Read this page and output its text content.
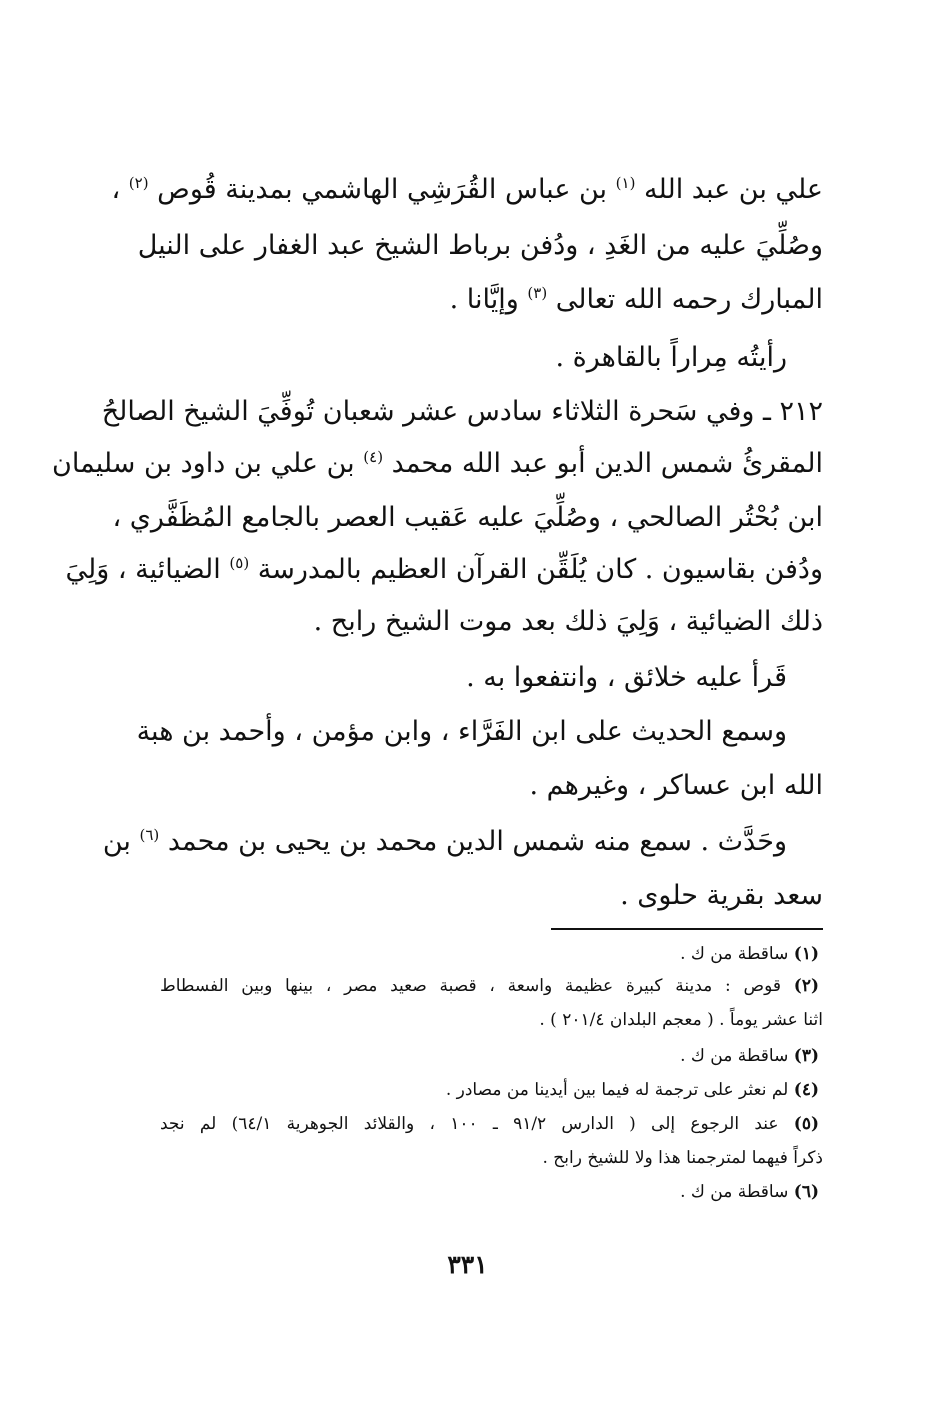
علي بن عبد الله $^{(١)}$ بن عباس القُرَشِي الهاشمي بمدينة قُوص $^{(٢)}$ ،
وصُلِّيَ عليه من الغَدِ ، ودُفن برباط الشيخ عبد الغفار على النيل
المبارك رحمه الله تعالى $^{(٣)}$ وإيَّانا .
رأيتُه مِراراً بالقاهرة .
٢١٢ ـ وفي سَحرة الثلاثاء سادس عشر شعبان تُوفِّيَ الشيخ الصالحُ
المقرئُ شمس الدين أبو عبد الله محمد $^{(٤)}$ بن علي بن داود بن سليمان
ابن بُحْتُر الصالحي ، وصُلِّيَ عليه عَقيب العصر بالجامع المُظَفَّري ،
ودُفن بقاسيون . كان يُلَقِّن القرآن العظيم بالمدرسة $^{(٥)}$ الضيائية ، وَلِيَ
ذلك الضيائية ، وَلِيَ ذلك بعد موت الشيخ رابح .
قَرأ عليه خلائق ، وانتفعوا به .
وسمع الحديث على ابن الفَرَّاء ، وابن مؤمن ، وأحمد بن هبة
الله ابن عساكر ، وغيرهم .
وحَدَّث . سمع منه شمس الدين محمد بن يحيى بن محمد $^{(٦)}$ بن
سعد بقرية حلوى .
(١) ساقطة من ك .
(٢) قوص : مدينة كبيرة عظيمة واسعة ، قصبة صعيد مصر ، بينها وبين الفسطاط
اثنا عشر يوماً . ( معجم البلدان ٢٠١/٤ ) .
(٣) ساقطة من ك .
(٤) لم نعثر على ترجمة له فيما بين أيدينا من مصادر .
(٥) عند الرجوع إلى ( الدارس ٩١/٢ ـ ١٠٠ ، والقلائد الجوهرية ٦٤/١) لم نجد
ذكراً فيهما لمترجمنا هذا ولا للشيخ رابح .
(٦) ساقطة من ك .
٣٣١
